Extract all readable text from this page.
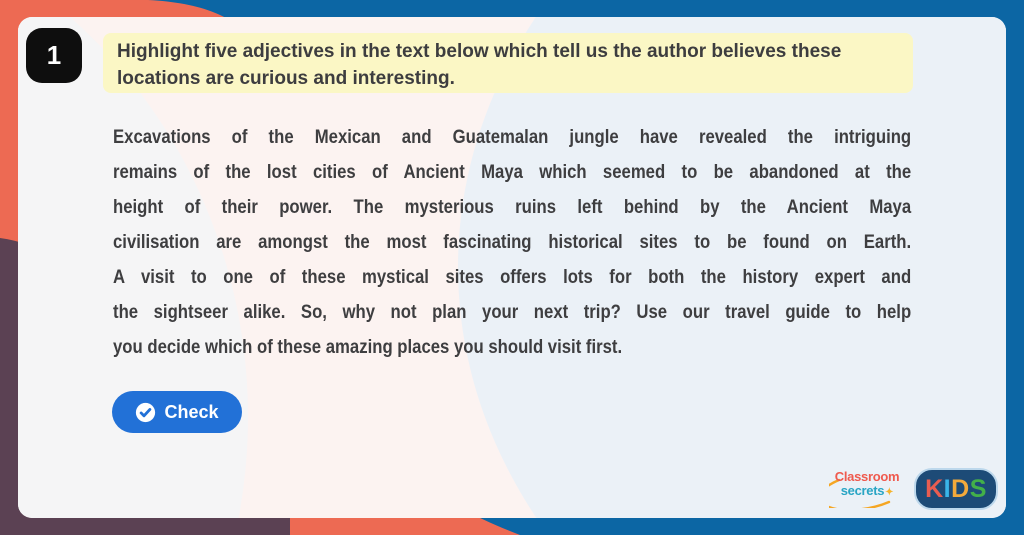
1	Highlight five adjectives in the text below which tell us the author believes these locations are curious and interesting.
Excavations of the Mexican and Guatemalan jungle have revealed the intriguing
remains of the lost cities of Ancient Maya which seemed to be abandoned at the
height of their power. The mysterious ruins left behind by the Ancient Maya
civilisation are amongst the most fascinating historical sites to be found on Earth.
A visit to one of these mystical sites offers lots for both the history expert and
the sightseer alike. So, why not plan your next trip? Use our travel guide to help
you decide which of these amazing places you should visit first.
Check
Classroom
secrets✦	K I D S
